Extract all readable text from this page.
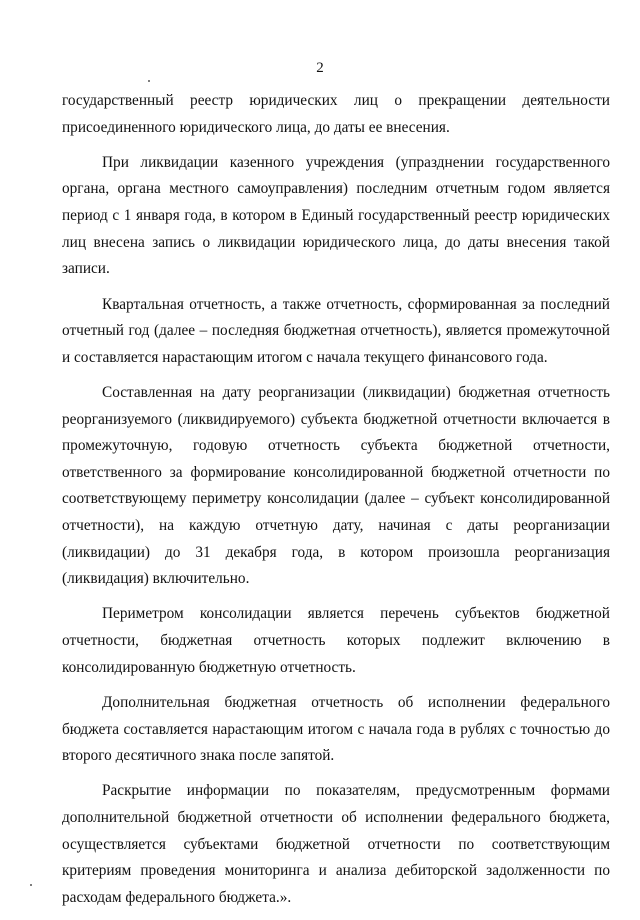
2

государственный реестр юридических лиц о прекращении деятельности присоединенного юридического лица, до даты ее внесения.

При ликвидации казенного учреждения (упразднении государственного органа, органа местного самоуправления) последним отчетным годом является период с 1 января года, в котором в Единый государственный реестр юридических лиц внесена запись о ликвидации юридического лица, до даты внесения такой записи.

Квартальная отчетность, а также отчетность, сформированная за последний отчетный год (далее – последняя бюджетная отчетность), является промежуточной и составляется нарастающим итогом с начала текущего финансового года.

Составленная на дату реорганизации (ликвидации) бюджетная отчетность реорганизуемого (ликвидируемого) субъекта бюджетной отчетности включается в промежуточную, годовую отчетность субъекта бюджетной отчетности, ответственного за формирование консолидированной бюджетной отчетности по соответствующему периметру консолидации (далее – субъект консолидированной отчетности), на каждую отчетную дату, начиная с даты реорганизации (ликвидации) до 31 декабря года, в котором произошла реорганизация (ликвидация) включительно.

Периметром консолидации является перечень субъектов бюджетной отчетности, бюджетная отчетность которых подлежит включению в консолидированную бюджетную отчетность.

Дополнительная бюджетная отчетность об исполнении федерального бюджета составляется нарастающим итогом с начала года в рублях с точностью до второго десятичного знака после запятой.

Раскрытие информации по показателям, предусмотренным формами дополнительной бюджетной отчетности об исполнении федерального бюджета, осуществляется субъектами бюджетной отчетности по соответствующим критериям проведения мониторинга и анализа дебиторской задолженности по расходам федерального бюджета.».
